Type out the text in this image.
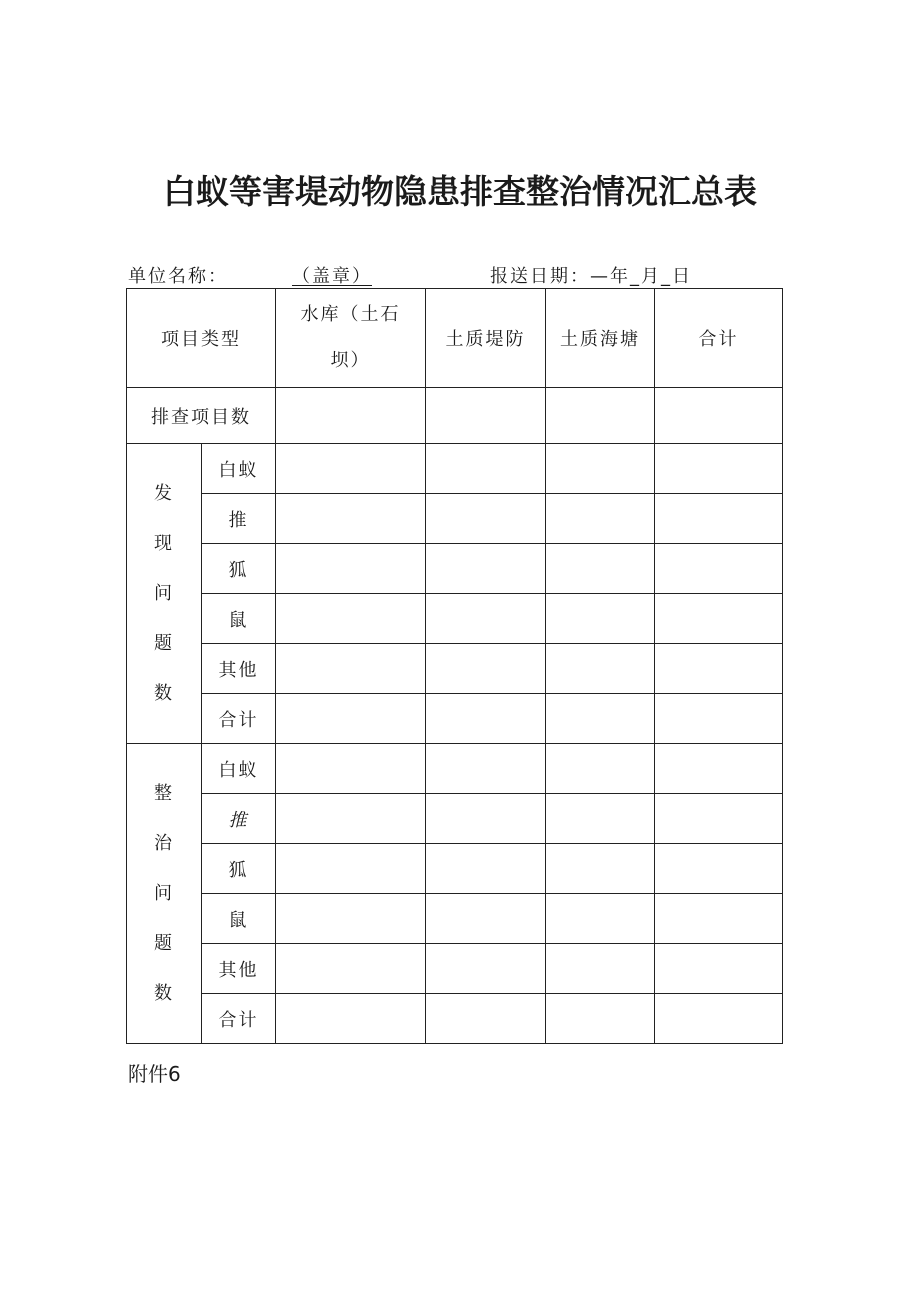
白蚁等害堤动物隐患排查整治情况汇总表
单位名称：	（盖章）	报送日期：—年_月_日
项目类型		水库（土石坝）	土质堤防	土质海塘	合计
排查项目数					
发现问题数	白蚁				
	推				
	狐				
	鼠				
	其他				
	合计				
整治问题数	白蚁				
	推				
	狐				
	鼠				
	其他				
	合计				
附件6
